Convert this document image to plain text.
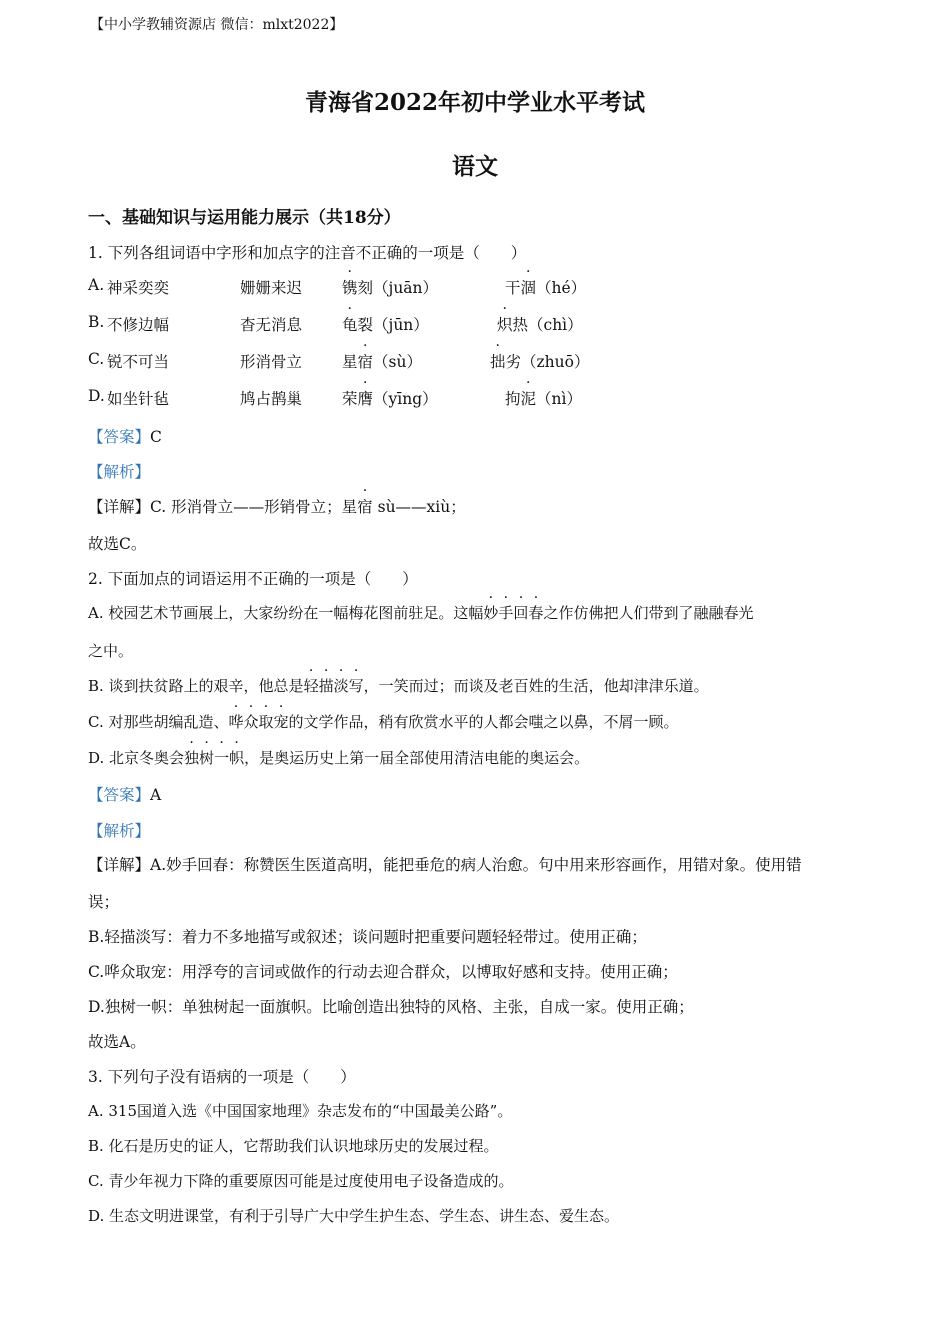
【中小学教辅资源店 微信：mlxt2022】
青海省2022年初中学业水平考试
语文
一、基础知识与运用能力展示（共18分）
1. 下列各组词语中字形和加点字的注音不正确的一项是（　　）
A. 神采奕奕	姗姗来迟	镌刻（juān）	干涸（hé）
B. 不修边幅	杳无消息	龟裂（jūn）	炽热（chì）
C. 锐不可当	形消骨立	星宿（sù）	拙劣（zhuō）
D. 如坐针毡	鸠占鹊巢	荣膺（yīng）	拘泥（nì）
【答案】C
【解析】
【详解】C. 形消骨立——形销骨立；星宿 sù——xiù；
故选C。
2. 下面加点的词语运用不正确的一项是（　　）
A. 校园艺术节画展上，大家纷纷在一幅梅花图前驻足。这幅妙手回春之作仿佛把人们带到了融融春光
之中。
B. 谈到扶贫路上的艰辛，他总是轻描淡写，一笑而过；而谈及老百姓的生活，他却津津乐道。
C. 对那些胡编乱造、哗众取宠的文学作品，稍有欣赏水平的人都会嗤之以鼻，不屑一顾。
D. 北京冬奥会独树一帜，是奥运历史上第一届全部使用清洁电能的奥运会。
【答案】A
【解析】
【详解】A.妙手回春：称赞医生医道高明，能把垂危的病人治愈。句中用来形容画作，用错对象。使用错
误；
B.轻描淡写：着力不多地描写或叙述；谈问题时把重要问题轻轻带过。使用正确；
C.哗众取宠：用浮夸的言词或做作的行动去迎合群众，以博取好感和支持。使用正确；
D.独树一帜：单独树起一面旗帜。比喻创造出独特的风格、主张，自成一家。使用正确；
故选A。
3. 下列句子没有语病的一项是（　　）
A. 315国道入选《中国国家地理》杂志发布的“中国最美公路”。
B. 化石是历史的证人，它帮助我们认识地球历史的发展过程。
C. 青少年视力下降的重要原因可能是过度使用电子设备造成的。
D. 生态文明进课堂，有利于引导广大中学生护生态、学生态、讲生态、爱生态。
